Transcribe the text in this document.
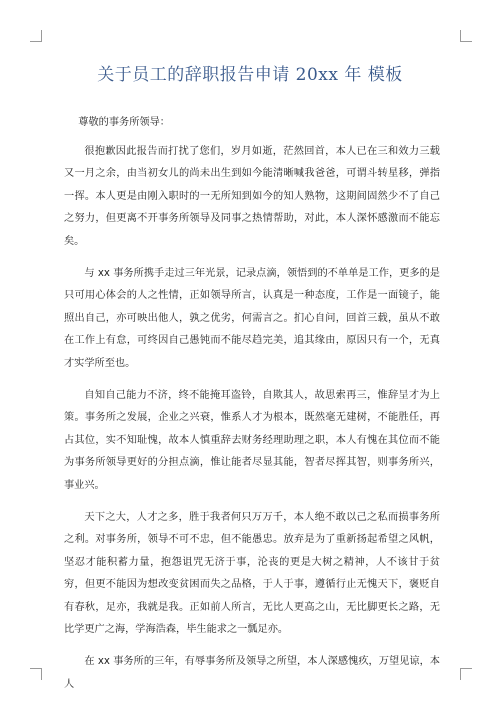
关于员工的辞职报告申请 20xx 年 模板

尊敬的事务所领导：

很抱歉因此报告而打扰了您们，岁月如逝，茫然回首，本人已在三和效力三载又一月之余，由当初女儿的尚未出生到如今能清晰喊我爸爸，可谓斗转星移，弹指一挥。本人更是由刚入职时的一无所知到如今的知人熟物，这期间固然少不了自己之努力，但更离不开事务所领导及同事之热情帮助，对此，本人深怀感激而不能忘矣。

与 xx 事务所携手走过三年光景，记录点滴，领悟到的不单单是工作，更多的是只可用心体会的人之性情，正如领导所言，认真是一种态度，工作是一面镜子，能照出自己，亦可映出他人，孰之优劣，何需言之。扪心自问，回首三载，虽从不敢在工作上有怠，可终因自己愚钝而不能尽趋完美，追其缘由，原因只有一个，无真才实学所至也。

自知自己能力不济，终不能掩耳盗铃，自欺其人，故思索再三，惟辞呈才为上策。事务所之发展，企业之兴衰，惟系人才为根本，既然毫无建树，不能胜任，再占其位，实不知耻愧，故本人慎重辞去财务经理助理之职，本人有愧在其位而不能为事务所领导更好的分担点滴，惟让能者尽显其能，智者尽挥其智，则事务所兴，事业兴。

天下之大，人才之多，胜于我者何只万万千，本人绝不敢以己之私而损事务所之利。对事务所，领导不可不忠，但不能愚忠。放弃是为了重新扬起希望之风帆，坚忍才能积蓄力量，抱怨诅咒无济于事，沦丧的更是大树之精神，人不该甘于贫穷，但更不能因为想改变贫困而失之品格，于人于事，遵循行止无愧天下，褒贬自有春秋，足亦，我就是我。正如前人所言，无比人更高之山，无比脚更长之路，无比学更广之海，学海浩森，毕生能求之一瓢足亦。

在 xx 事务所的三年，有辱事务所及领导之所望，本人深感愧疚，万望见谅，本人
